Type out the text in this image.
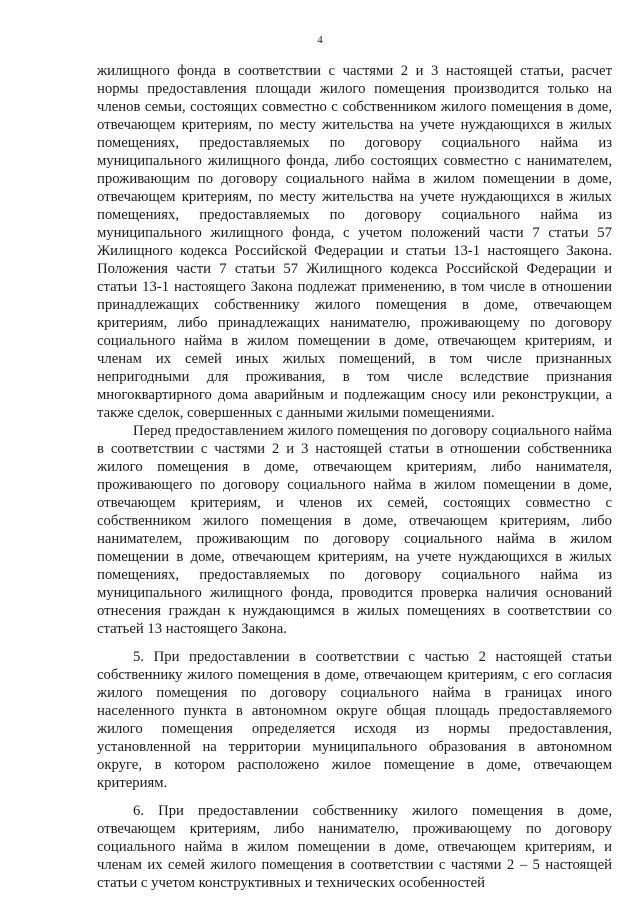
4

жилищного фонда в соответствии с частями 2 и 3 настоящей статьи, расчет нормы предоставления площади жилого помещения производится только на членов семьи, состоящих совместно с собственником жилого помещения в доме, отвечающем критериям, по месту жительства на учете нуждающихся в жилых помещениях, предоставляемых по договору социального найма из муниципального жилищного фонда, либо состоящих совместно с нанимателем, проживающим по договору социального найма в жилом помещении в доме, отвечающем критериям, по месту жительства на учете нуждающихся в жилых помещениях, предоставляемых по договору социального найма из муниципального жилищного фонда, с учетом положений части 7 статьи 57 Жилищного кодекса Российской Федерации и статьи 13-1 настоящего Закона. Положения части 7 статьи 57 Жилищного кодекса Российской Федерации и статьи 13-1 настоящего Закона подлежат применению, в том числе в отношении принадлежащих собственнику жилого помещения в доме, отвечающем критериям, либо принадлежащих нанимателю, проживающему по договору социального найма в жилом помещении в доме, отвечающем критериям, и членам их семей иных жилых помещений, в том числе признанных непригодными для проживания, в том числе вследствие признания многоквартирного дома аварийным и подлежащим сносу или реконструкции, а также сделок, совершенных с данными жилыми помещениями.

Перед предоставлением жилого помещения по договору социального найма в соответствии с частями 2 и 3 настоящей статьи в отношении собственника жилого помещения в доме, отвечающем критериям, либо нанимателя, проживающего по договору социального найма в жилом помещении в доме, отвечающем критериям, и членов их семей, состоящих совместно с собственником жилого помещения в доме, отвечающем критериям, либо нанимателем, проживающим по договору социального найма в жилом помещении в доме, отвечающем критериям, на учете нуждающихся в жилых помещениях, предоставляемых по договору социального найма из муниципального жилищного фонда, проводится проверка наличия оснований отнесения граждан к нуждающимся в жилых помещениях в соответствии со статьей 13 настоящего Закона.

5. При предоставлении в соответствии с частью 2 настоящей статьи собственнику жилого помещения в доме, отвечающем критериям, с его согласия жилого помещения по договору социального найма в границах иного населенного пункта в автономном округе общая площадь предоставляемого жилого помещения определяется исходя из нормы предоставления, установленной на территории муниципального образования в автономном округе, в котором расположено жилое помещение в доме, отвечающем критериям.

6. При предоставлении собственнику жилого помещения в доме, отвечающем критериям, либо нанимателю, проживающему по договору социального найма в жилом помещении в доме, отвечающем критериям, и членам их семей жилого помещения в соответствии с частями 2 – 5 настоящей статьи с учетом конструктивных и технических особенностей
